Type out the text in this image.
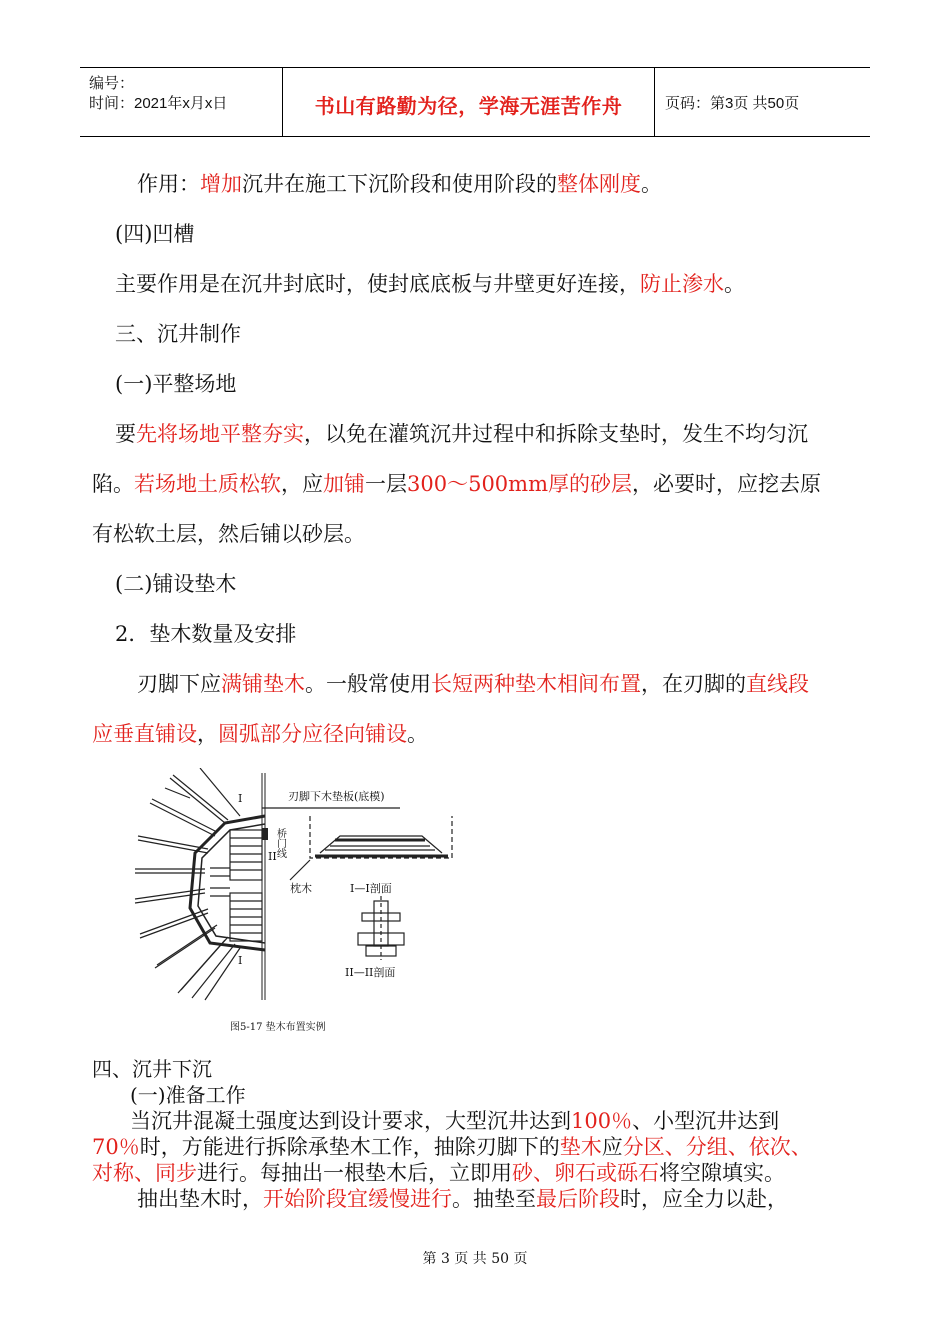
编号：
时间：2021年x月x日	书山有路勤为径，学海无涯苦作舟	页码：第3页 共50页
作用：增加沉井在施工下沉阶段和使用阶段的整体刚度。
(四)凹槽
主要作用是在沉井封底时，使封底底板与井壁更好连接，防止渗水。
三、沉井制作
(一)平整场地
要先将场地平整夯实，以免在灌筑沉井过程中和拆除支垫时，发生不均匀沉
陷。若场地土质松软，应加铺一层300～500mm厚的砂层，必要时，应挖去原
有松软土层，然后铺以砂层。
(二)铺设垫木
2．垫木数量及安排
刃脚下应满铺垫木。一般常使用长短两种垫木相间布置，在刃脚的直线段
应垂直铺设，圆弧部分应径向铺设。
刃脚下木垫板(底模)
I
I
II
枕木	I—I剖面
II—II剖面
图5-17 垫木布置实例
桥门线
四、沉井下沉
(一)准备工作
当沉井混凝土强度达到设计要求，大型沉井达到100％、小型沉井达到
70％时，方能进行拆除承垫木工作，抽除刃脚下的垫木应分区、分组、依次、
对称、同步进行。每抽出一根垫木后，立即用砂、卵石或砾石将空隙填实。
抽出垫木时，开始阶段宜缓慢进行。抽垫至最后阶段时，应全力以赴，
第 3 页 共 50 页
